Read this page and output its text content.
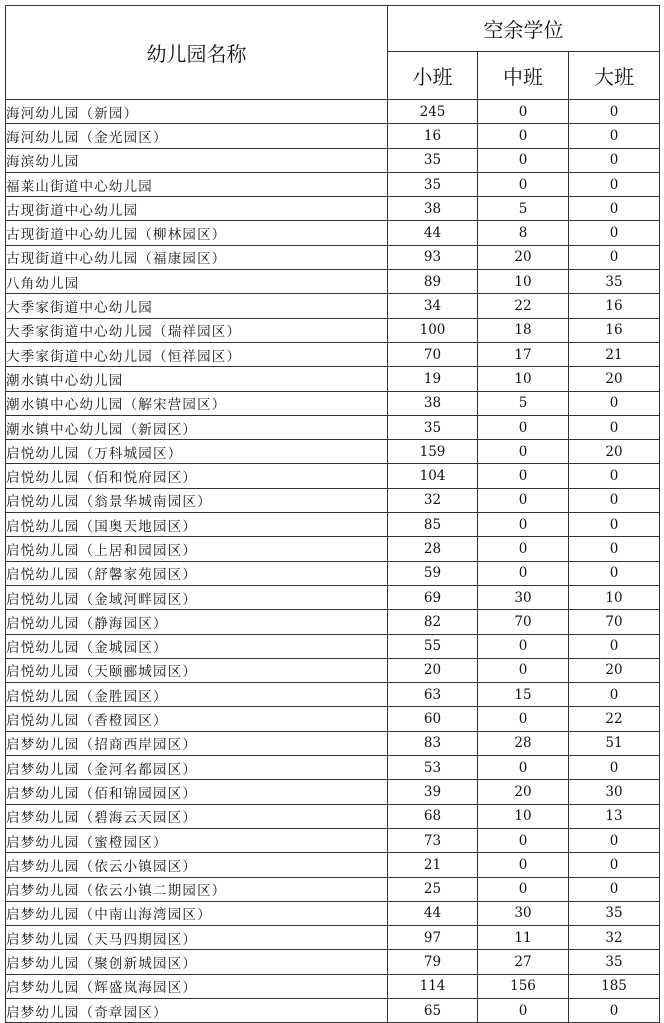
幼儿园名称	空余学位		
	小班	中班	大班
海河幼儿园（新园）	245	0	0
海河幼儿园（金光园区）	16	0	0
海滨幼儿园	35	0	0
福莱山街道中心幼儿园	35	0	0
古现街道中心幼儿园	38	5	0
古现街道中心幼儿园（柳林园区）	44	8	0
古现街道中心幼儿园（福康园区）	93	20	0
八角幼儿园	89	10	35
大季家街道中心幼儿园	34	22	16
大季家街道中心幼儿园（瑞祥园区）	100	18	16
大季家街道中心幼儿园（恒祥园区）	70	17	21
潮水镇中心幼儿园	19	10	20
潮水镇中心幼儿园（解宋营园区）	38	5	0
潮水镇中心幼儿园（新园区）	35	0	0
启悦幼儿园（万科城园区）	159	0	20
启悦幼儿园（佰和悦府园区）	104	0	0
启悦幼儿园（翁景华城南园区）	32	0	0
启悦幼儿园（国奥天地园区）	85	0	0
启悦幼儿园（上居和园园区）	28	0	0
启悦幼儿园（舒馨家苑园区）	59	0	0
启悦幼儿园（金域河畔园区）	69	30	10
启悦幼儿园（静海园区）	82	70	70
启悦幼儿园（金城园区）	55	0	0
启悦幼儿园（天颐郦城园区）	20	0	20
启悦幼儿园（金胜园区）	63	15	0
启悦幼儿园（香橙园区）	60	0	22
启梦幼儿园（招商西岸园区）	83	28	51
启梦幼儿园（金河名都园区）	53	0	0
启梦幼儿园（佰和锦园园区）	39	20	30
启梦幼儿园（碧海云天园区）	68	10	13
启梦幼儿园（蜜橙园区）	73	0	0
启梦幼儿园（依云小镇园区）	21	0	0
启梦幼儿园（依云小镇二期园区）	25	0	0
启梦幼儿园（中南山海湾园区）	44	30	35
启梦幼儿园（天马四期园区）	97	11	32
启梦幼儿园（聚创新城园区）	79	27	35
启梦幼儿园（辉盛岚海园区）	114	156	185
启梦幼儿园（奇章园区）	65	0	0
